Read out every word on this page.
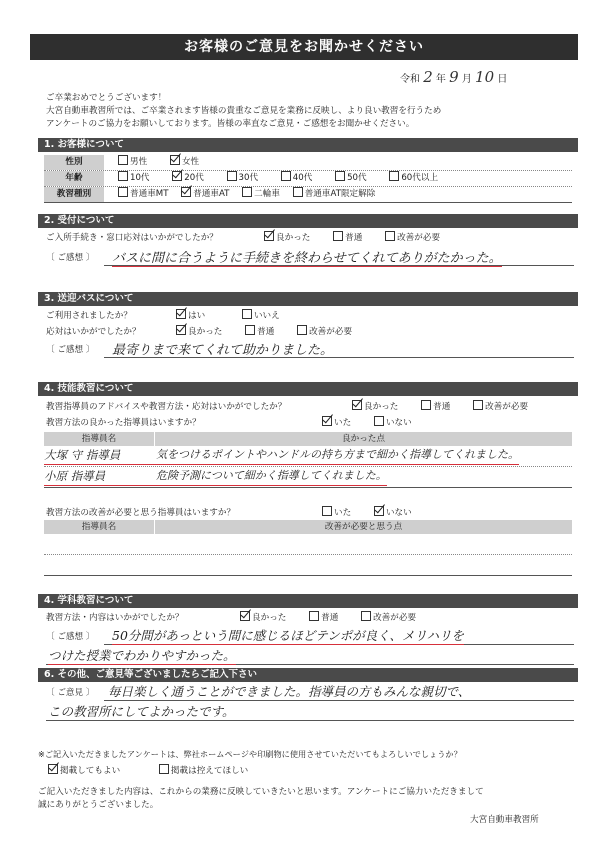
お客様のご意見をお聞かせください
令和 2 年 9 月 10 日
ご卒業おめでとうございます！
大宮自動車教習所では、ご卒業されます皆様の貴重なご意見を業務に反映し、より良い教習を行うため
アンケートのご協力をお願いしております。皆様の率直なご意見・ご感想をお聞かせください。
1. お客様について
性別	男性	女性
年齢	10代	20代	30代	40代	50代	60代以上
教習種別	普通車MT	普通車AT	二輪車	普通車AT限定解除
2. 受付について
ご入所手続き・窓口応対はいかがでしたか？	良かった	普通	改善が必要
〔 ご感想 〕 バスに間に合うように手続きを終わらせてくれてありがたかった。
3. 送迎バスについて
ご利用されましたか？	はい	いいえ
応対はいかがでしたか？	良かった	普通	改善が必要
〔 ご感想 〕 最寄りまで来てくれて助かりました。
4. 技能教習について
教習指導員のアドバイスや教習方法・応対はいかがでしたか？	良かった	普通	改善が必要
教習方法の良かった指導員はいますか？	いた	いない
指導員名	良かった点
大塚 守 指導員	気をつけるポイントやハンドルの持ち方まで細かく指導してくれました。
小原 指導員	危険予測について細かく指導してくれました。
教習方法の改善が必要と思う指導員はいますか？	いた	いない
指導員名	改善が必要と思う点
4. 学科教習について
教習方法・内容はいかがでしたか？	良かった	普通	改善が必要
〔 ご感想 〕 50分間があっという間に感じるほどテンポが良く、メリハリを
つけた授業でわかりやすかった。
6. その他、ご意見等ございましたらご記入下さい
〔 ご意見 〕 毎日楽しく通うことができました。指導員の方もみんな親切で、
この教習所にしてよかったです。
※ご記入いただきましたアンケートは、弊社ホームページや印刷物に使用させていただいてもよろしいでしょうか？
掲載してもよい	掲載は控えてほしい
ご記入いただきました内容は、これからの業務に反映していきたいと思います。アンケートにご協力いただきまして
誠にありがとうございました。
大宮自動車教習所
